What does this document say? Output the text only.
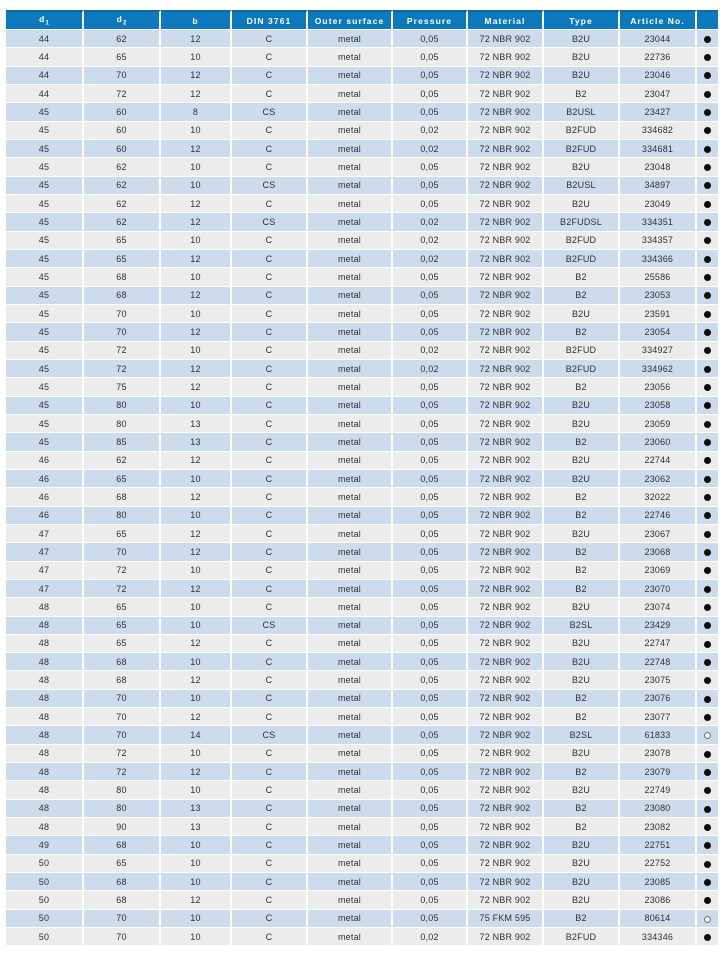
$d_1$	$d_2$	b	DIN 3761	Outer surface	Pressure	Material	Type	Article No.	
44	62	12	C	metal	0,05	72 NBR 902	B2U	23044	
44	65	10	C	metal	0,05	72 NBR 902	B2U	22736	
44	70	12	C	metal	0,05	72 NBR 902	B2U	23046	
44	72	12	C	metal	0,05	72 NBR 902	B2	23047	
45	60	8	CS	metal	0,05	72 NBR 902	B2USL	23427	
45	60	10	C	metal	0,02	72 NBR 902	B2FUD	334682	
45	60	12	C	metal	0,02	72 NBR 902	B2FUD	334681	
45	62	10	C	metal	0,05	72 NBR 902	B2U	23048	
45	62	10	CS	metal	0,05	72 NBR 902	B2USL	34897	
45	62	12	C	metal	0,05	72 NBR 902	B2U	23049	
45	62	12	CS	metal	0,02	72 NBR 902	B2FUDSL	334351	
45	65	10	C	metal	0,02	72 NBR 902	B2FUD	334357	
45	65	12	C	metal	0,02	72 NBR 902	B2FUD	334366	
45	68	10	C	metal	0,05	72 NBR 902	B2	25586	
45	68	12	C	metal	0,05	72 NBR 902	B2	23053	
45	70	10	C	metal	0,05	72 NBR 902	B2U	23591	
45	70	12	C	metal	0,05	72 NBR 902	B2	23054	
45	72	10	C	metal	0,02	72 NBR 902	B2FUD	334927	
45	72	12	C	metal	0,02	72 NBR 902	B2FUD	334962	
45	75	12	C	metal	0,05	72 NBR 902	B2	23056	
45	80	10	C	metal	0,05	72 NBR 902	B2U	23058	
45	80	13	C	metal	0,05	72 NBR 902	B2U	23059	
45	85	13	C	metal	0,05	72 NBR 902	B2	23060	
46	62	12	C	metal	0,05	72 NBR 902	B2U	22744	
46	65	10	C	metal	0,05	72 NBR 902	B2U	23062	
46	68	12	C	metal	0,05	72 NBR 902	B2	32022	
46	80	10	C	metal	0,05	72 NBR 902	B2	22746	
47	65	12	C	metal	0,05	72 NBR 902	B2U	23067	
47	70	12	C	metal	0,05	72 NBR 902	B2	23068	
47	72	10	C	metal	0,05	72 NBR 902	B2	23069	
47	72	12	C	metal	0,05	72 NBR 902	B2	23070	
48	65	10	C	metal	0,05	72 NBR 902	B2U	23074	
48	65	10	CS	metal	0,05	72 NBR 902	B2SL	23429	
48	65	12	C	metal	0,05	72 NBR 902	B2U	22747	
48	68	10	C	metal	0,05	72 NBR 902	B2U	22748	
48	68	12	C	metal	0,05	72 NBR 902	B2U	23075	
48	70	10	C	metal	0,05	72 NBR 902	B2	23076	
48	70	12	C	metal	0,05	72 NBR 902	B2	23077	
48	70	14	CS	metal	0,05	72 NBR 902	B2SL	61833	
48	72	10	C	metal	0,05	72 NBR 902	B2U	23078	
48	72	12	C	metal	0,05	72 NBR 902	B2	23079	
48	80	10	C	metal	0,05	72 NBR 902	B2U	22749	
48	80	13	C	metal	0,05	72 NBR 902	B2	23080	
48	90	13	C	metal	0,05	72 NBR 902	B2	23082	
49	68	10	C	metal	0,05	72 NBR 902	B2U	22751	
50	65	10	C	metal	0,05	72 NBR 902	B2U	22752	
50	68	10	C	metal	0,05	72 NBR 902	B2U	23085	
50	68	12	C	metal	0,05	72 NBR 902	B2U	23086	
50	70	10	C	metal	0,05	75 FKM 595	B2	80614	
50	70	10	C	metal	0,02	72 NBR 902	B2FUD	334346	
